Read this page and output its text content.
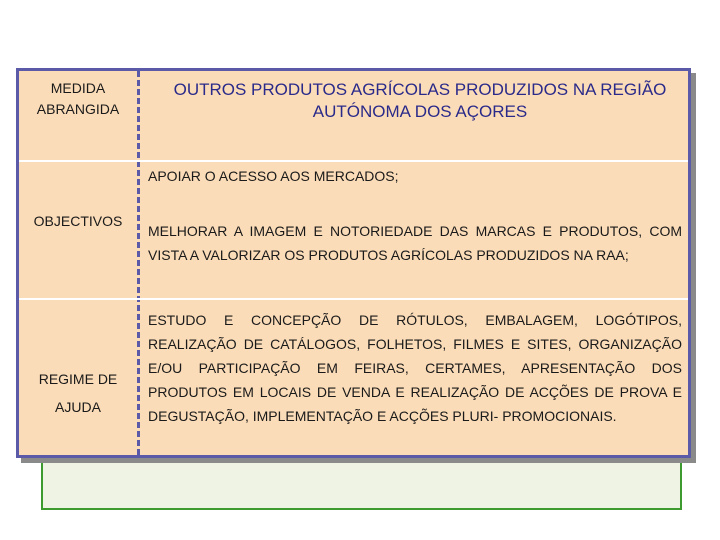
MEDIDA
ABRANGIDA
OUTROS PRODUTOS AGRÍCOLAS PRODUZIDOS NA REGIÃO AUTÓNOMA DOS AÇORES
OBJECTIVOS
APOIAR O ACESSO AOS MERCADOS;
MELHORAR A IMAGEM E NOTORIEDADE DAS MARCAS E PRODUTOS, COM VISTA A VALORIZAR OS PRODUTOS AGRÍCOLAS PRODUZIDOS NA RAA;
REGIME DE
AJUDA
ESTUDO E CONCEPÇÃO DE RÓTULOS, EMBALAGEM, LOGÓTIPOS, REALIZAÇÃO DE CATÁLOGOS, FOLHETOS, FILMES E SITES, ORGANIZAÇÃO E/OU PARTICIPAÇÃO EM FEIRAS, CERTAMES, APRESENTAÇÃO DOS PRODUTOS EM LOCAIS DE VENDA E REALIZAÇÃO DE ACÇÕES DE PROVA E DEGUSTAÇÃO, IMPLEMENTAÇÃO E ACÇÕES PLURI- PROMOCIONAIS.
